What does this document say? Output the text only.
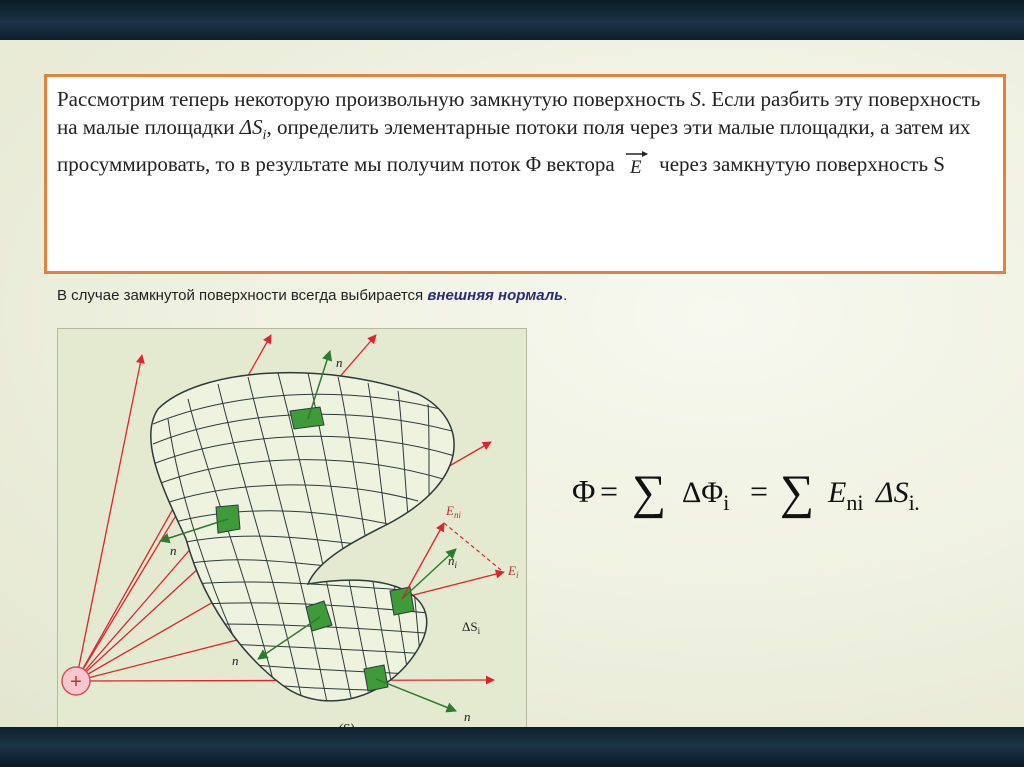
Рассмотрим теперь некоторую произвольную замкнутую поверхность S. Если разбить эту поверхность на малые площадки $\Delta S_i$, определить элементарные потоки поля через эти малые площадки, а затем их просуммировать, то в результате мы получим поток Φ вектора E через замкнутую поверхность S

В случае замкнутой поверхности всегда выбирается внешняя нормаль.
+
n
n
n
n
$E_{ni}$
$n_i$	$E_i$
$\Delta S_i$
Φ = ∑ $\Delta\Phi_i$ = ∑ $E_{ni}$ $\Delta S_i$.
